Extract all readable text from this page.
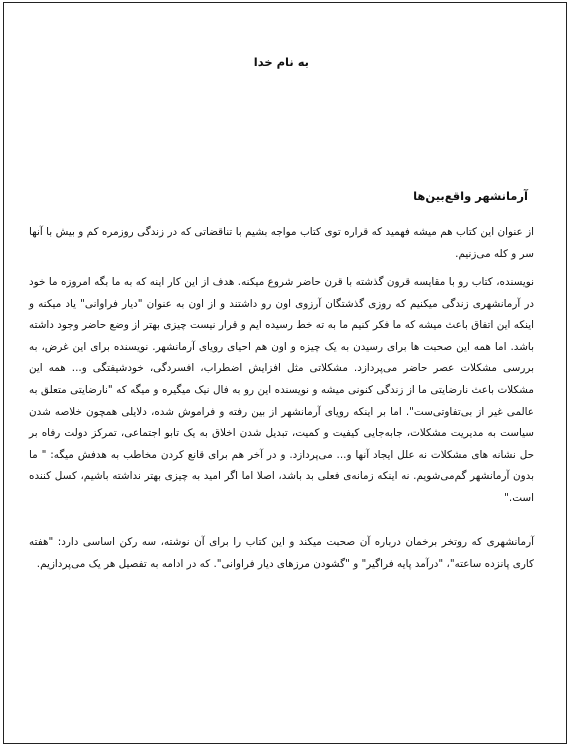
به نام خدا
آرمانشهر واقع‌بین‌ها

از عنوان این کتاب هم میشه فهمید که قراره توی کتاب مواجه بشیم با تناقضاتی که در زندگی روزمره کم و بیش با آنها سر و کله می‌زنیم.

نویسنده، کتاب رو با مقایسه قرون گذشته با قرن حاضر شروع میکنه. هدف از این کار اینه که به ما بگه امروزه ما خود در آرمانشهری زندگی میکنیم که روزی گذشتگان آرزوی اون رو داشتند و از اون به عنوان "دیار فراوانی" یاد میکنه و اینکه این اتفاق باعث میشه که ما فکر کنیم ما به ته خط رسیده ایم و قرار نیست چیزی بهتر از وضع حاضر وجود داشته باشد. اما همه این صحبت ها برای رسیدن به یک چیزه و اون هم احیای رویای آرمانشهر. نویسنده برای این غرض، به بررسی مشکلات عصر حاضر می‌پردازد. مشکلاتی مثل افزایش اضطراب، افسردگی، خودشیفتگی و... همه این مشکلات باعث نارضایتی ما از زندگی کنونی میشه و نویسنده این رو به فال نیک میگیره و میگه که "نارضایتی متعلق به عالمی غیر از بی‌تفاوتی‌ست". اما بر اینکه رویای آرمانشهر از بین رفته و فراموش شده، دلایلی همچون خلاصه شدن سیاست به مدیریت مشکلات، جابه‌جایی کیفیت و کمیت، تبدیل شدن اخلاق به یک تابو اجتماعی، تمرکز دولت رفاه بر حل نشانه های مشکلات نه علل ایجاد آنها و... می‌پردازد. و در آخر هم برای قانع کردن مخاطب به هدفش میگه: " ما بدون آرمانشهر گم‌می‌شویم. نه اینکه زمانه‌ی فعلی بد باشد، اصلا اما اگر امید به چیزی بهتر نداشته باشیم، کسل کننده است."

آرمانشهری که روتخر برخمان درباره آن صحبت میکند و این کتاب را برای آن نوشته، سه رکن اساسی دارد: "هفته کاری پانزده ساعته"، "درآمد پایه فراگیر" و "گشودن مرزهای دیار فراوانی". که در ادامه به تفصیل هر یک می‌پردازیم.
